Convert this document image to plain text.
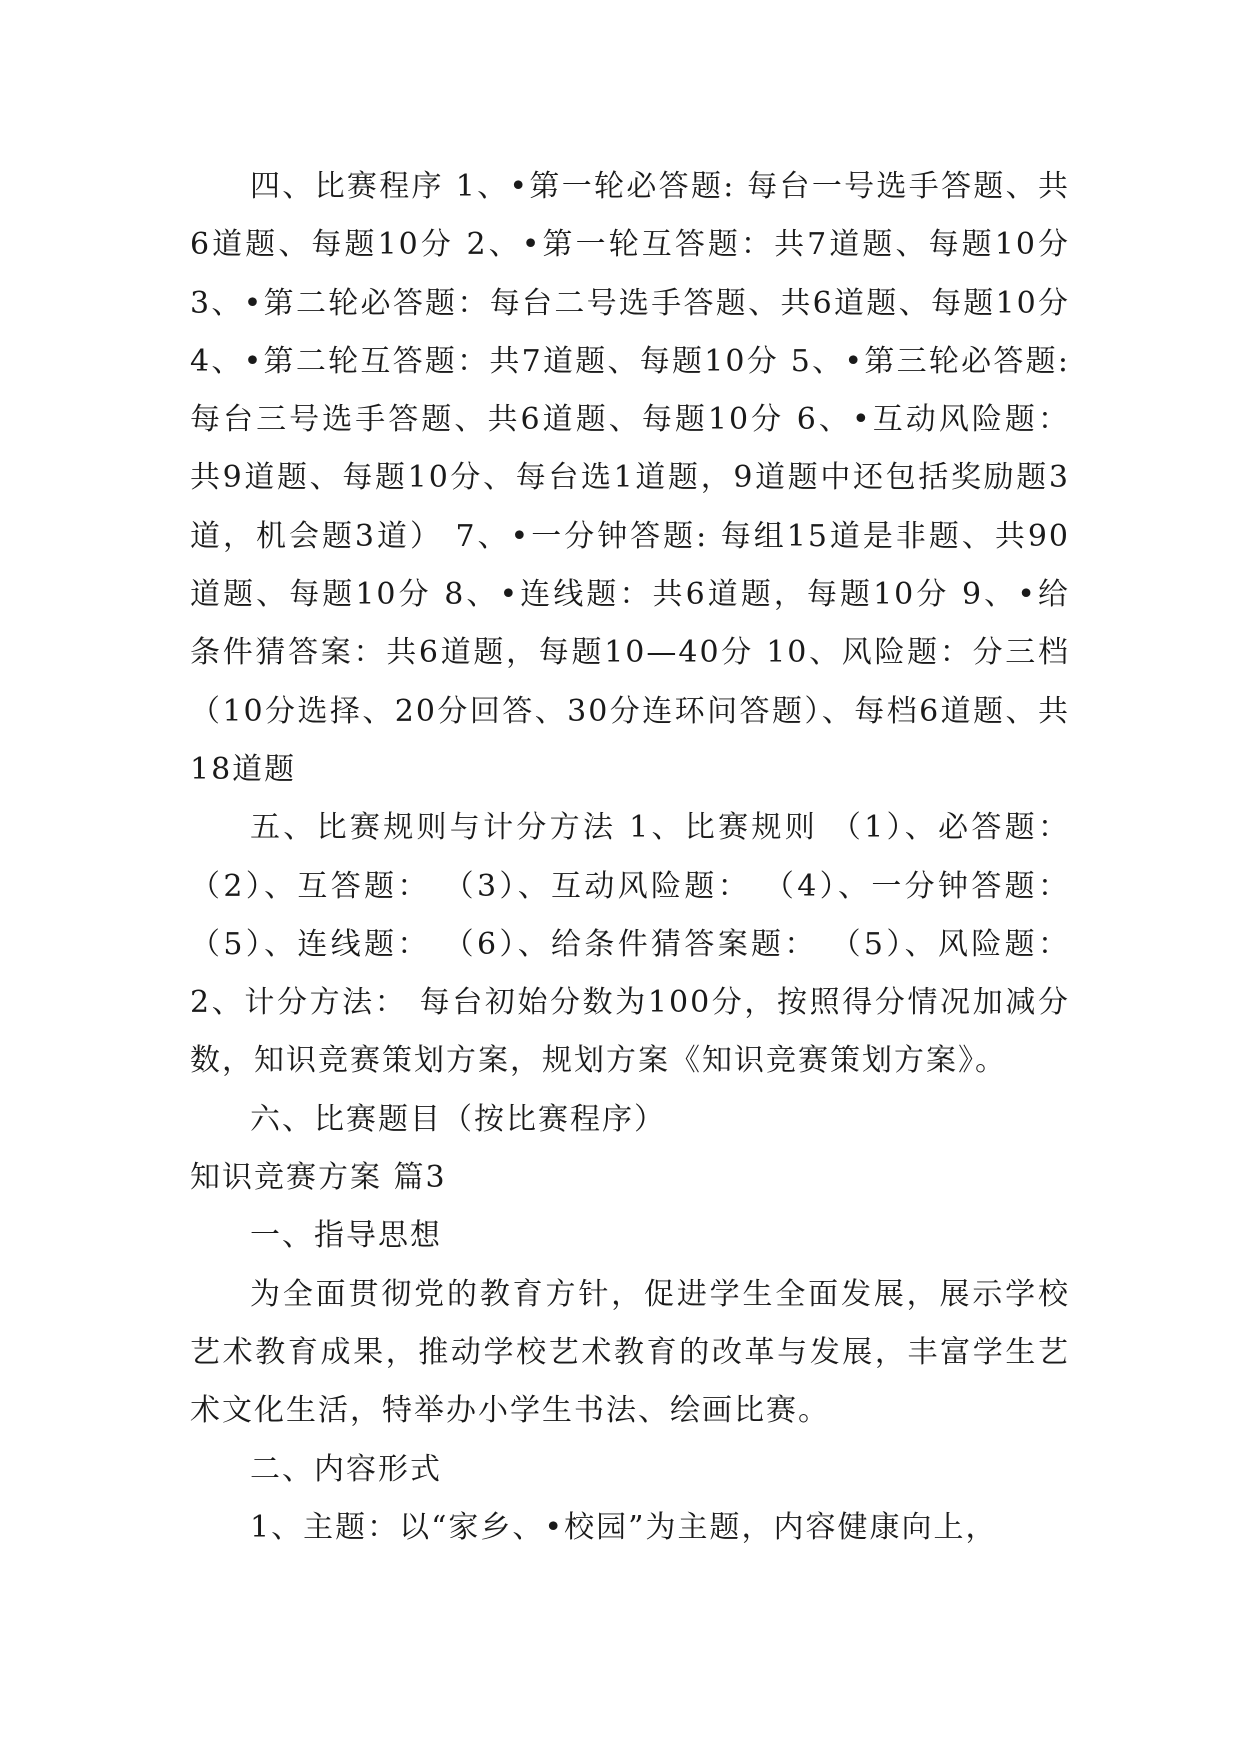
四、比赛程序 1、•第一轮必答题: 每台一号选手答题、共6道题、每题10分 2、•第一轮互答题：共7道题、每题10分 3、•第二轮必答题：每台二号选手答题、共6道题、每题10分 4、•第二轮互答题：共7道题、每题10分 5、•第三轮必答题: 每台三号选手答题、共6道题、每题10分 6、•互动风险题：共9道题、每题10分、每台选1道题，9道题中还包括奖励题3道，机会题3道） 7、•一分钟答题: 每组15道是非题、共90道题、每题10分 8、•连线题：共6道题，每题10分 9、•给条件猜答案：共6道题，每题10—40分 10、风险题：分三档（10分选择、20分回答、30分连环问答题）、每档6道题、共18道题

五、比赛规则与计分方法 1、比赛规则 （1）、必答题：（2）、互答题： （3）、互动风险题： （4）、一分钟答题：（5）、连线题： （6）、给条件猜答案题： （5）、风险题：2、计分方法： 每台初始分数为100分，按照得分情况加减分数，知识竞赛策划方案，规划方案《知识竞赛策划方案》。

六、比赛题目（按比赛程序）

知识竞赛方案 篇3

一、指导思想

为全面贯彻党的教育方针，促进学生全面发展，展示学校艺术教育成果，推动学校艺术教育的改革与发展，丰富学生艺术文化生活，特举办小学生书法、绘画比赛。

二、内容形式

1、主题：以“家乡、•校园”为主题，内容健康向上，
